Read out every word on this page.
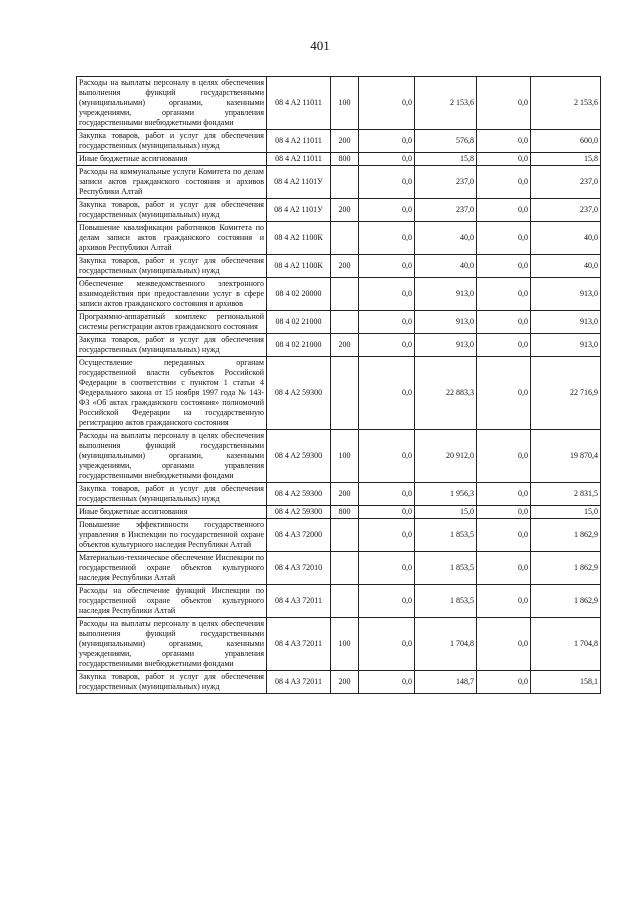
401
Расходы на выплаты персоналу в целях обеспечения выполнения функций государственными (муниципальными) органами, казенными учреждениями, органами управления государственными внебюджетными фондами	08 4 A2 11011	100	0,0	2 153,6	0,0	2 153,6
Закупка товаров, работ и услуг для обеспечения государственных (муниципальных) нужд	08 4 A2 11011	200	0,0	576,8	0,0	600,0
Иные бюджетные ассигнования	08 4 A2 11011	800	0,0	15,8	0,0	15,8
Расходы на коммунальные услуги Комитета по делам записи актов гражданского состояния и архивов Республики Алтай	08 4 A2 1101У		0,0	237,0	0,0	237,0
Закупка товаров, работ и услуг для обеспечения государственных (муниципальных) нужд	08 4 A2 1101У	200	0,0	237,0	0,0	237,0
Повышение квалификации работников Комитета по делам записи актов гражданского состояния и архивов Республики Алтай	08 4 A2 1100К		0,0	40,0	0,0	40,0
Закупка товаров, работ и услуг для обеспечения государственных (муниципальных) нужд	08 4 A2 1100К	200	0,0	40,0	0,0	40,0
Обеспечение межведомственного электронного взаимодействия при предоставлении услуг в сфере записи актов гражданского состояния и архивов	08 4 02 20000		0,0	913,0	0,0	913,0
Программно-аппаратный комплекс региональной системы регистрации актов гражданского состояния	08 4 02 21000		0,0	913,0	0,0	913,0
Закупка товаров, работ и услуг для обеспечения государственных (муниципальных) нужд	08 4 02 21000	200	0,0	913,0	0,0	913,0
Осуществление переданных органам государственной власти субъектов Российской Федерации в соответствии с пунктом 1 статьи 4 Федерального закона от 15 ноября 1997 года № 143-ФЗ «Об актах гражданского состояния» полномочий Российской Федерации на государственную регистрацию актов гражданского состояния	08 4 A2 59300		0,0	22 883,3	0,0	22 716,9
Расходы на выплаты персоналу в целях обеспечения выполнения функций государственными (муниципальными) органами, казенными учреждениями, органами управления государственными внебюджетными фондами	08 4 A2 59300	100	0,0	20 912,0	0,0	19 870,4
Закупка товаров, работ и услуг для обеспечения государственных (муниципальных) нужд	08 4 A2 59300	200	0,0	1 956,3	0,0	2 831,5
Иные бюджетные ассигнования	08 4 A2 59300	800	0,0	15,0	0,0	15,0
Повышение эффективности государственного управления в Инспекции по государственной охране объектов культурного наследия Республики Алтай	08 4 A3 72000		0,0	1 853,5	0,0	1 862,9
Материально-техническое обеспечение Инспекции по государственной охране объектов культурного наследия Республики Алтай	08 4 A3 72010		0,0	1 853,5	0,0	1 862,9
Расходы на обеспечение функций Инспекции по государственной охране объектов культурного наследия Республики Алтай	08 4 A3 72011		0,0	1 853,5	0,0	1 862,9
Расходы на выплаты персоналу в целях обеспечения выполнения функций государственными (муниципальными) органами, казенными учреждениями, органами управления государственными внебюджетными фондами	08 4 A3 72011	100	0,0	1 704,8	0,0	1 704,8
Закупка товаров, работ и услуг для обеспечения государственных (муниципальных) нужд	08 4 A3 72011	200	0,0	148,7	0,0	158,1
